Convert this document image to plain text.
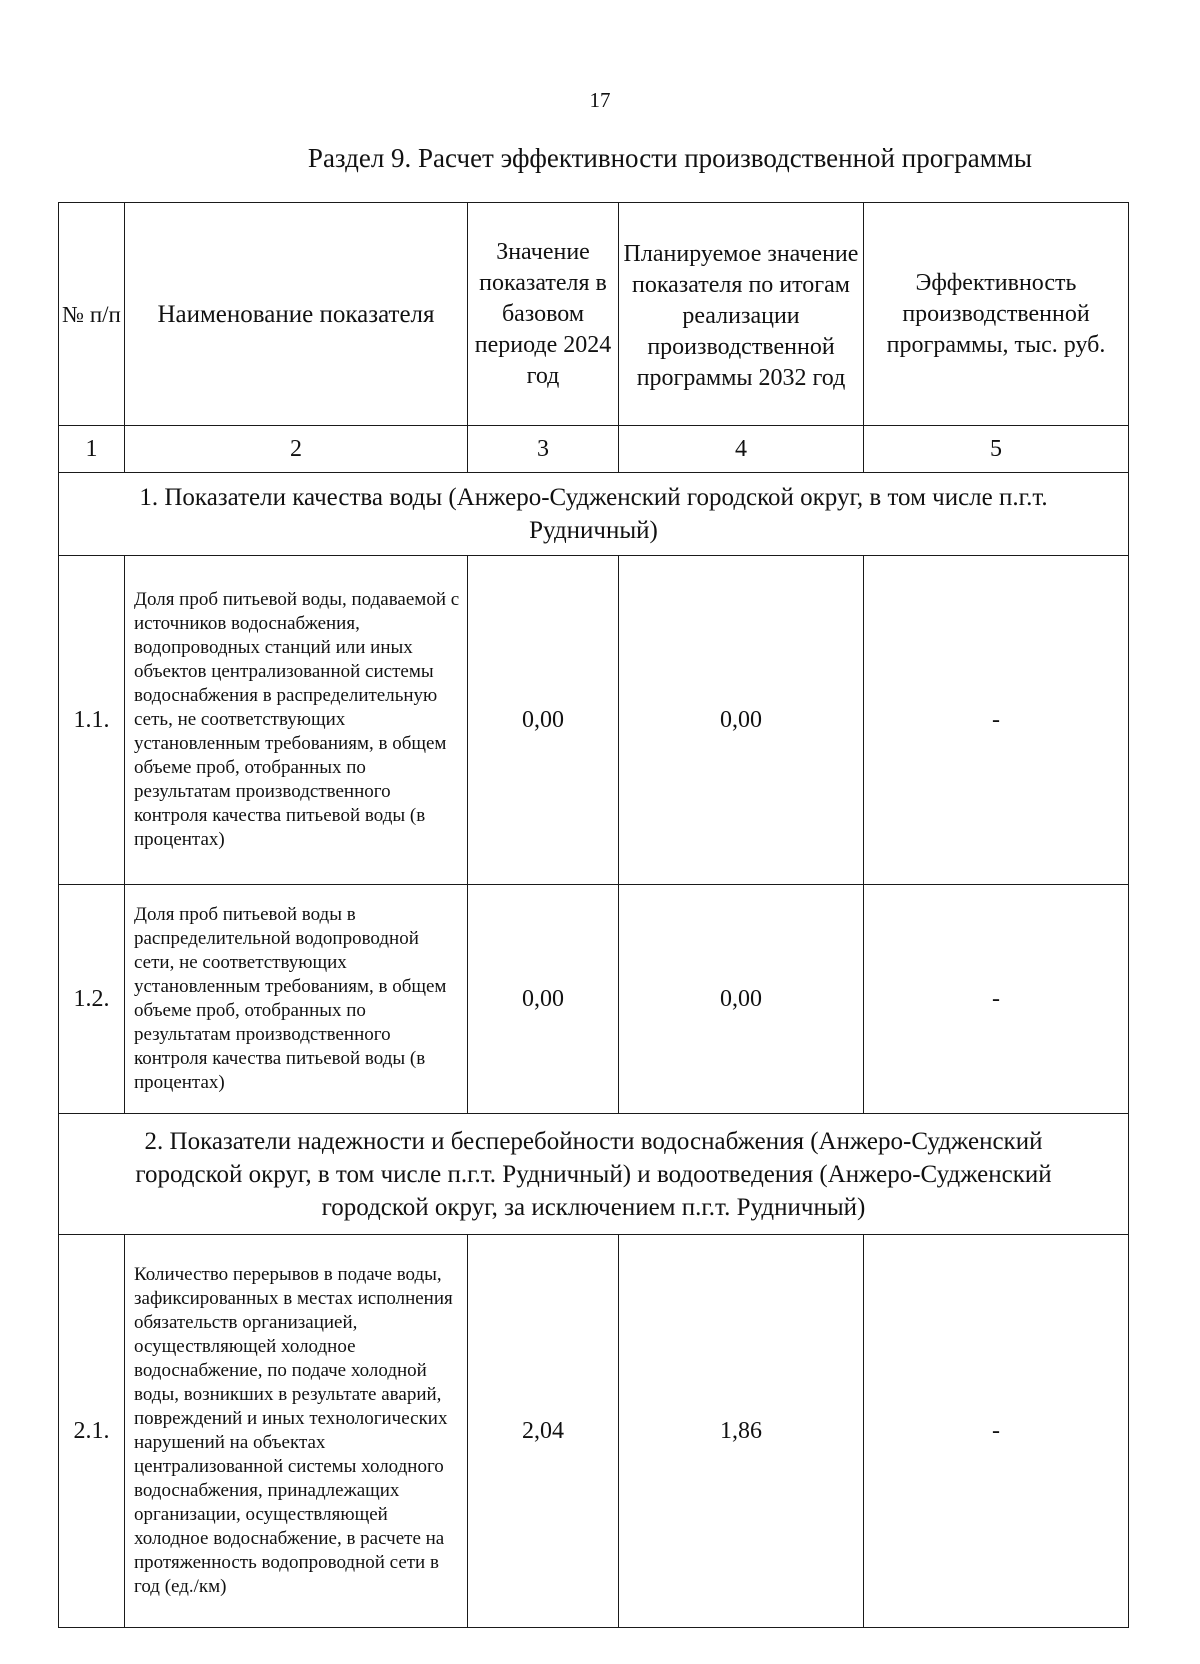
17
Раздел 9. Расчет эффективности производственной программы
№ п/п	Наименование показателя	Значение показателя в базовом периоде 2024 год	Планируемое значение показателя по итогам реализации производственной программы 2032 год	Эффективность производственной программы, тыс. руб.
1	2	3	4	5
1. Показатели качества воды (Анжеро-Судженский городской округ, в том числе п.г.т. Рудничный)				
1.1.	Доля проб питьевой воды, подаваемой с источников водоснабжения, водопроводных станций или иных объектов централизованной системы водоснабжения в распределительную сеть, не соответствующих установленным требованиям, в общем объеме проб, отобранных по результатам производственного контроля качества питьевой воды (в процентах)	0,00	0,00	-
1.2.	Доля проб питьевой воды в распределительной водопроводной сети, не соответствующих установленным требованиям, в общем объеме проб, отобранных по результатам производственного контроля качества питьевой воды (в процентах)	0,00	0,00	-
2. Показатели надежности и бесперебойности водоснабжения (Анжеро-Судженский городской округ, в том числе п.г.т. Рудничный) и водоотведения (Анжеро-Судженский городской округ, за исключением п.г.т. Рудничный)				
2.1.	Количество перерывов в подаче воды, зафиксированных в местах исполнения обязательств организацией, осуществляющей холодное водоснабжение, по подаче холодной воды, возникших в результате аварий, повреждений и иных технологических нарушений на объектах централизованной системы холодного водоснабжения, принадлежащих организации, осуществляющей холодное водоснабжение, в расчете на протяженность водопроводной сети в год (ед./км)	2,04	1,86	-
